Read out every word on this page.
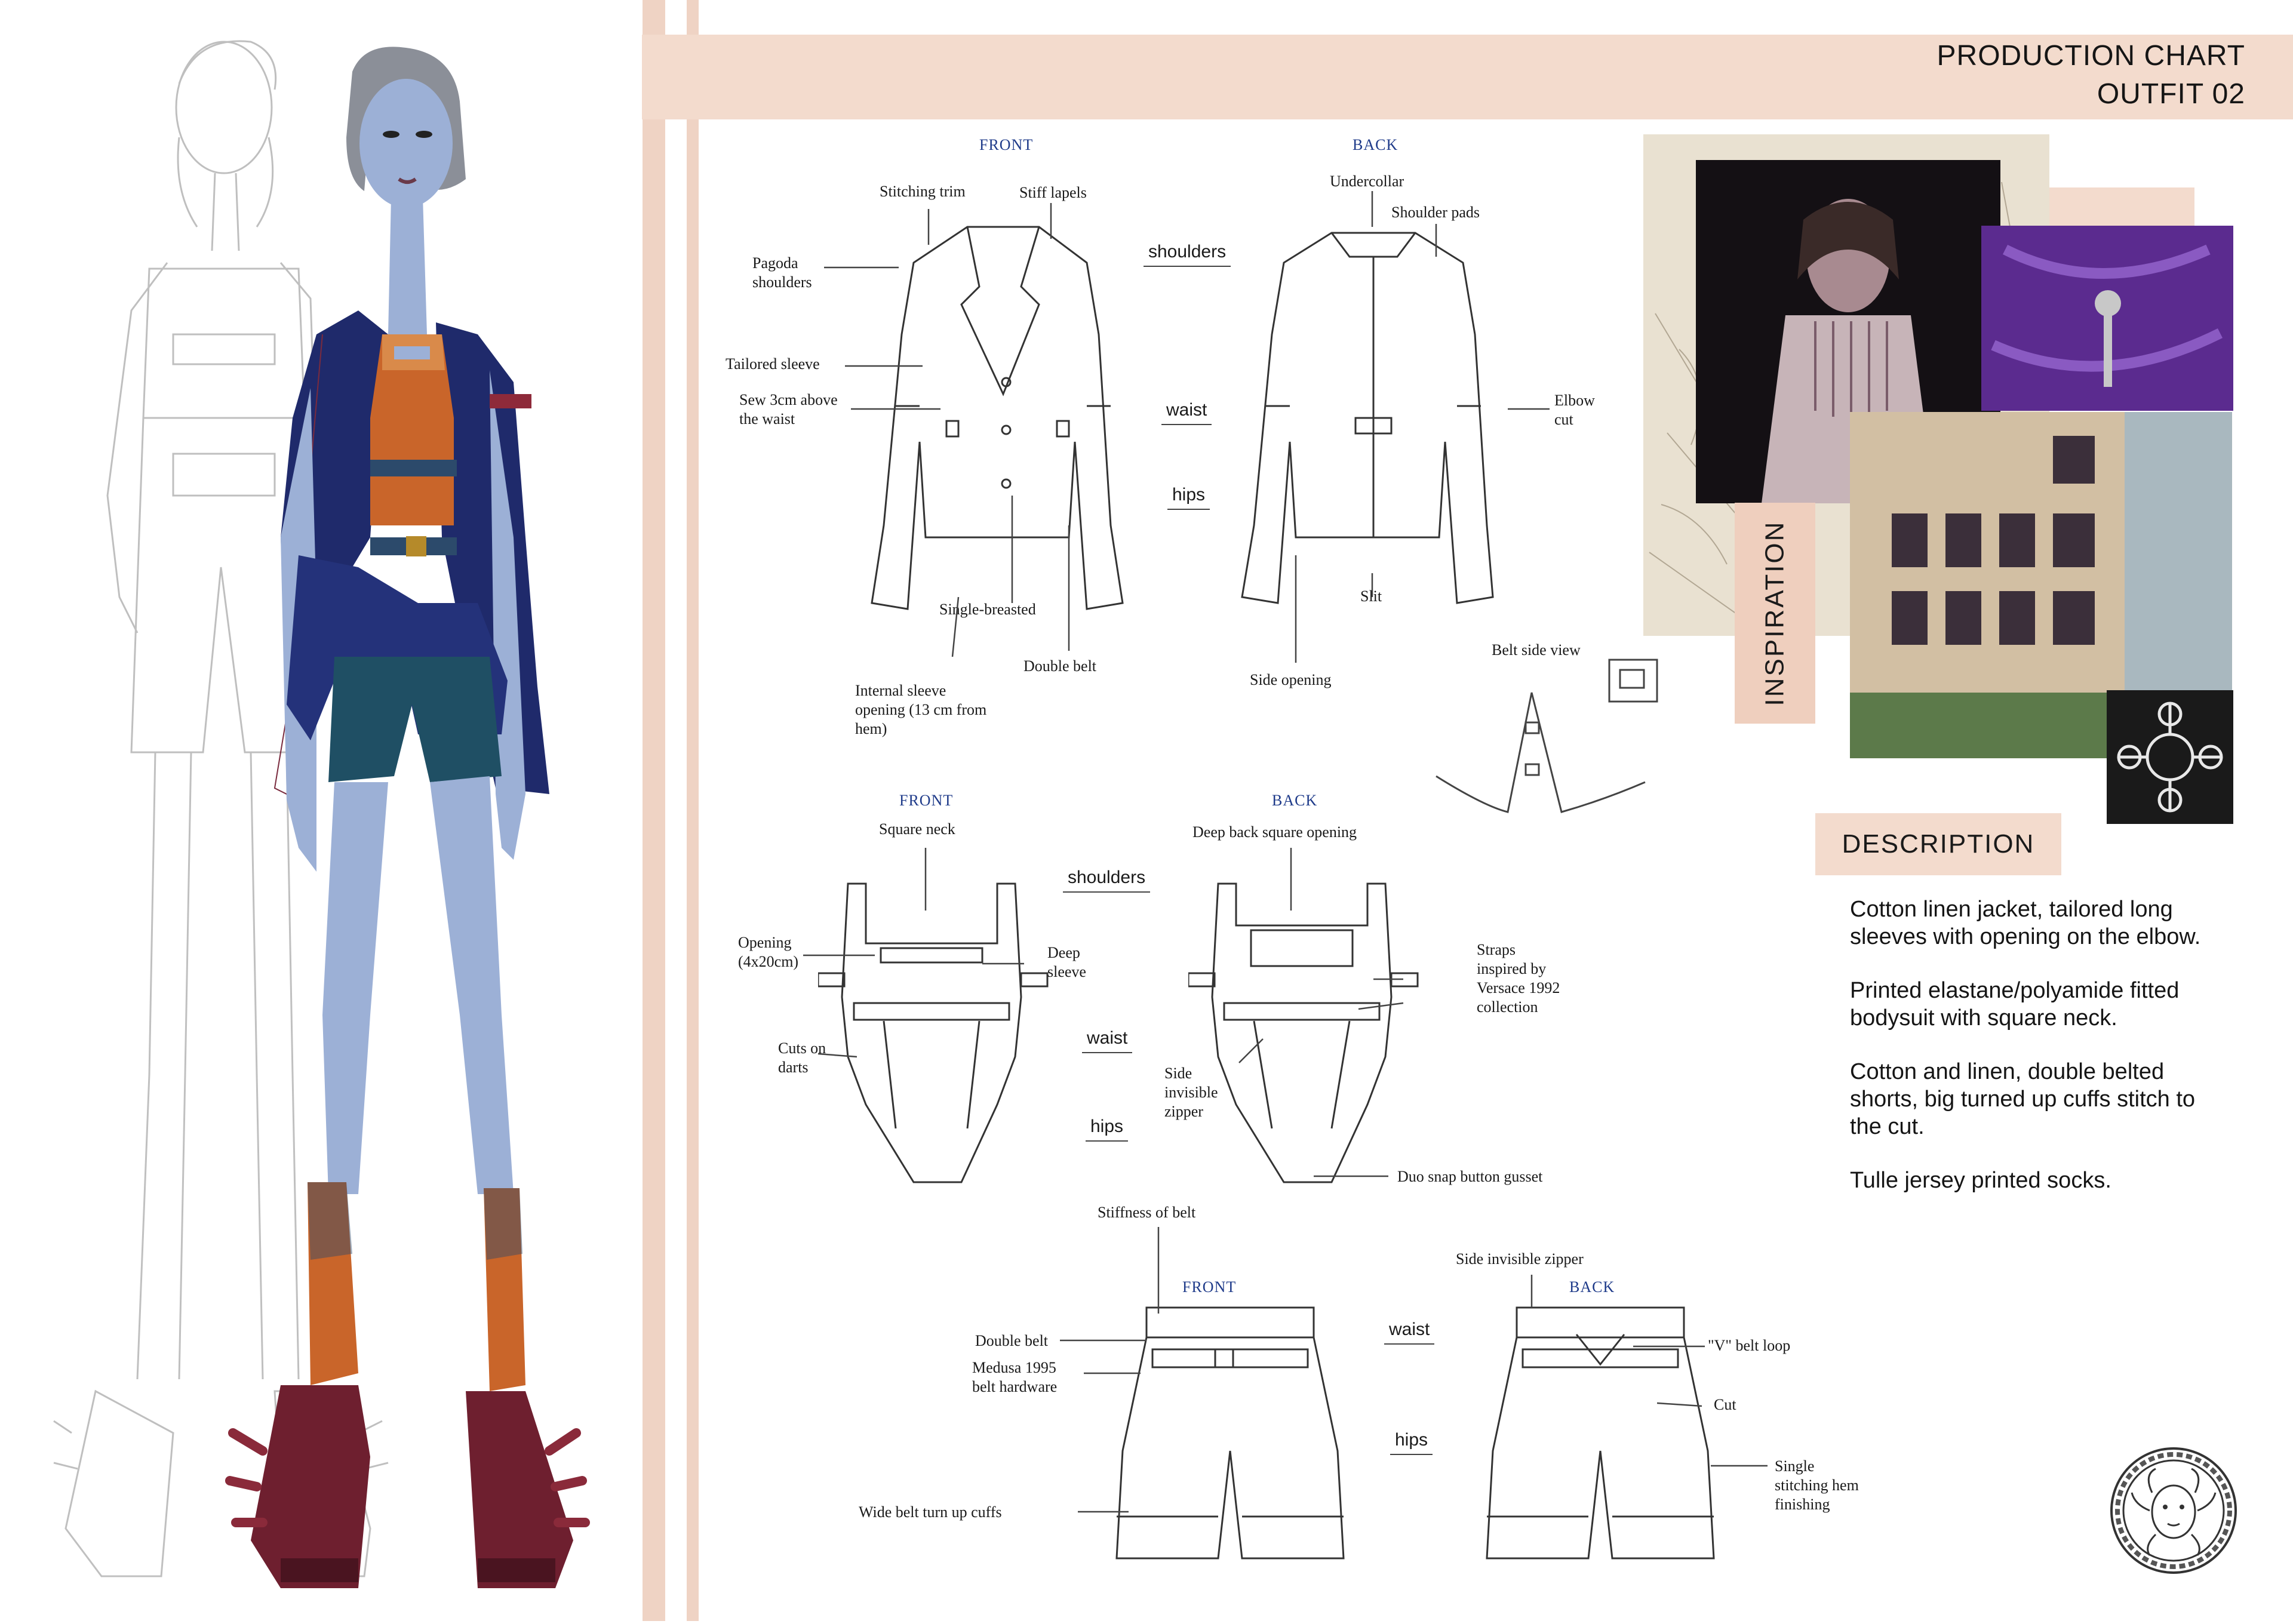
PRODUCTION CHART
OUTFIT 02
FRONT	BACK
shoulders
waist
hips
Stitching trim	Stiff lapels
Pagoda
shoulders
Tailored sleeve
Sew 3cm above
the waist
Single-breasted
Double belt
Internal sleeve
opening (13 cm from
hem)
Undercollar
Shoulder pads
Elbow
cut
Slit
Side opening
Belt side view
FRONT	BACK
shoulders
waist
hips
Square neck
Opening
(4x20cm)
Deep
sleeve
Cuts on
darts
Deep back square opening
Straps
inspired by
Versace 1992
collection
Side
invisible
zipper
Duo snap button gusset
FRONT	BACK
waist
hips
Stiffness of belt
Double belt
Medusa 1995
belt hardware
Wide belt turn up cuffs
Side invisible zipper
"V" belt loop
Cut
Single
stitching hem
finishing
INSPIRATION
DESCRIPTION

Cotton linen jacket, tailored long sleeves with opening on the elbow.

Printed elastane/polyamide fitted bodysuit with square neck.

Cotton and linen, double belted shorts, big turned up cuffs stitch to the cut.

Tulle jersey printed socks.
